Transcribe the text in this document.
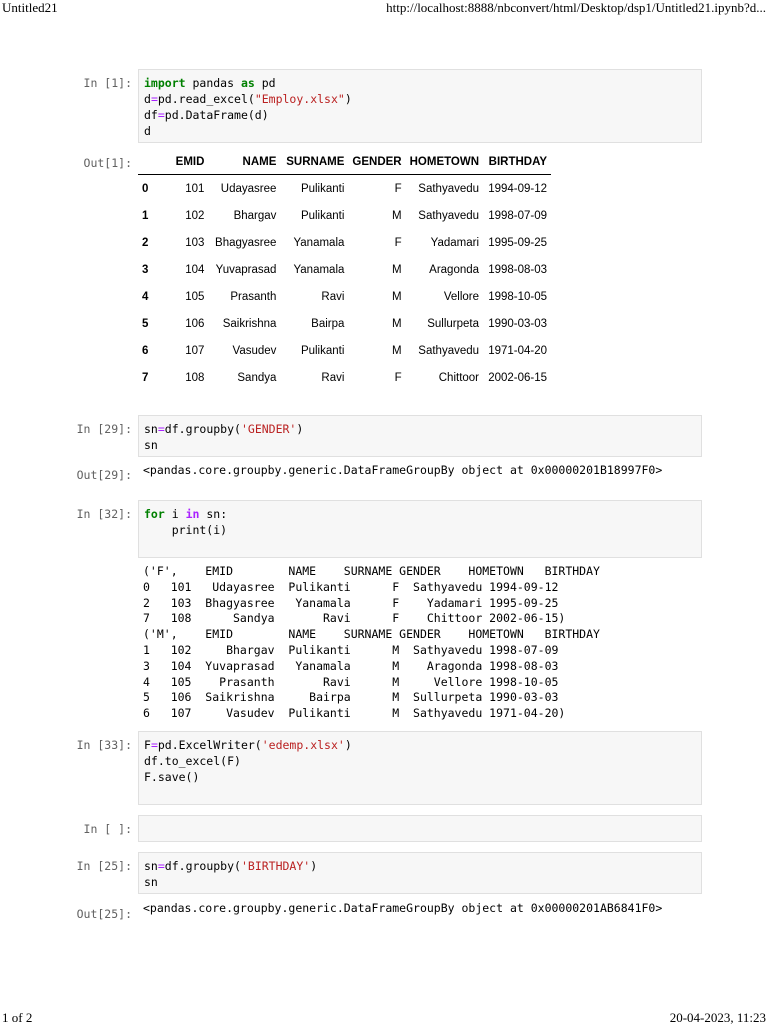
Untitled21	http://localhost:8888/nbconvert/html/Desktop/dsp1/Untitled21.ipynb?d...
1 of 2	20-04-2023, 11:23
In [1]:	import pandas as pd
d=pd.read_excel("Employ.xlsx")
df=pd.DataFrame(d)
d
Out[1]:
		EMID	NAME	SURNAME	GENDER	HOMETOWN	BIRTHDAY
0	101	Udayasree	Pulikanti	F	Sathyavedu	1994-09-12
1	102	Bhargav	Pulikanti	M	Sathyavedu	1998-07-09
2	103	Bhagyasree	Yanamala	F	Yadamari	1995-09-25
3	104	Yuvaprasad	Yanamala	M	Aragonda	1998-08-03
4	105	Prasanth	Ravi	M	Vellore	1998-10-05
5	106	Saikrishna	Bairpa	M	Sullurpeta	1990-03-03
6	107	Vasudev	Pulikanti	M	Sathyavedu	1971-04-20
7	108	Sandya	Ravi	F	Chittoor	2002-06-15
In [29]:	sn=df.groupby('GENDER')
sn
Out[29]: <pandas.core.groupby.generic.DataFrameGroupBy object at 0x00000201B18997F0>
In [32]:	for i in sn:
print(i)
('F',    EMID        NAME    SURNAME GENDER    HOMETOWN   BIRTHDAY
0   101   Udayasree  Pulikanti      F  Sathyavedu 1994-09-12
2   103  Bhagyasree   Yanamala      F    Yadamari 1995-09-25
7   108      Sandya       Ravi      F    Chittoor 2002-06-15)
('M',    EMID        NAME    SURNAME GENDER    HOMETOWN   BIRTHDAY
1   102     Bhargav  Pulikanti      M  Sathyavedu 1998-07-09
3   104  Yuvaprasad   Yanamala      M    Aragonda 1998-08-03
4   105    Prasanth       Ravi      M     Vellore 1998-10-05
5   106  Saikrishna     Bairpa      M  Sullurpeta 1990-03-03
6   107     Vasudev  Pulikanti      M  Sathyavedu 1971-04-20)
In [33]:	F=pd.ExcelWriter('edemp.xlsx')
df.to_excel(F)
F.save()
In [ ]:
In [25]:	sn=df.groupby('BIRTHDAY')
sn
Out[25]: <pandas.core.groupby.generic.DataFrameGroupBy object at 0x00000201AB6841F0>
